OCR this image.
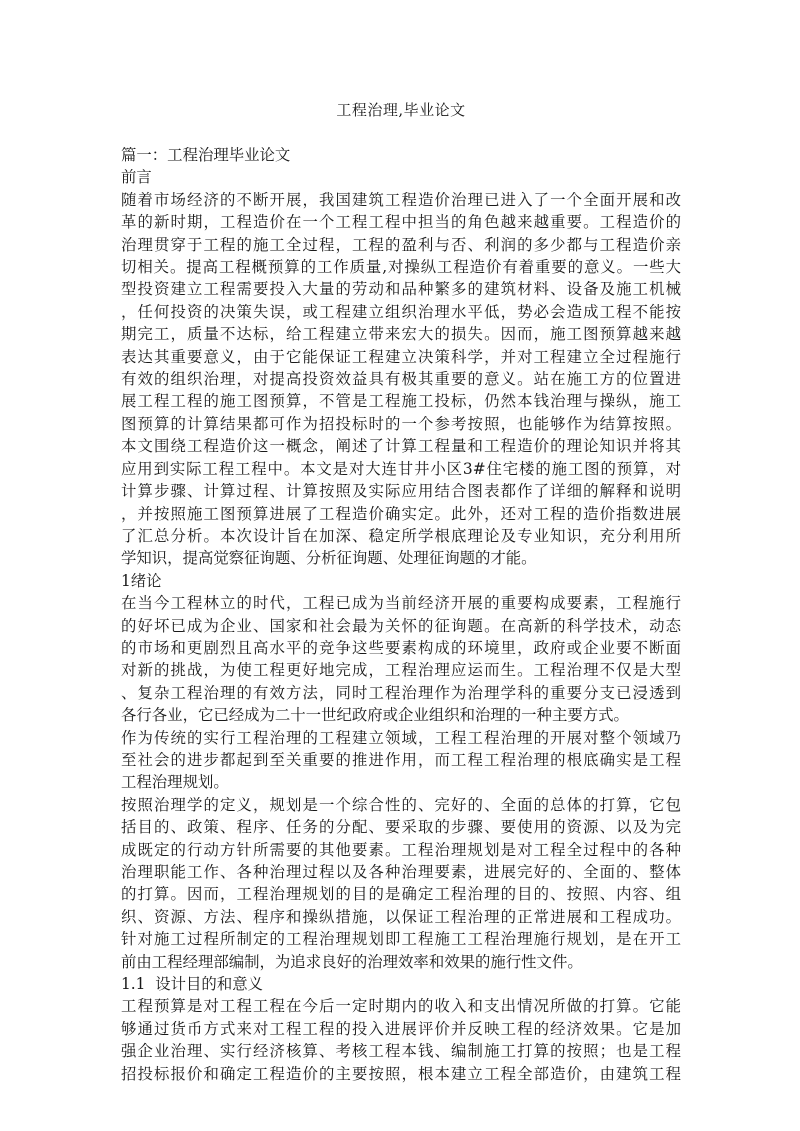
工程治理,毕业论文
篇一：工程治理毕业论文
前言
随着市场经济的不断开展，我国建筑工程造价治理已进入了一个全面开展和改
革的新时期，工程造价在一个工程工程中担当的角色越来越重要。工程造价的
治理贯穿于工程的施工全过程，工程的盈利与否、利润的多少都与工程造价亲
切相关。提高工程概预算的工作质量,对操纵工程造价有着重要的意义。一些大
型投资建立工程需要投入大量的劳动和品种繁多的建筑材料、设备及施工机械
，任何投资的决策失误，或工程建立组织治理水平低，势必会造成工程不能按
期完工，质量不达标，给工程建立带来宏大的损失。因而，施工图预算越来越
表达其重要意义，由于它能保证工程建立决策科学，并对工程建立全过程施行
有效的组织治理，对提高投资效益具有极其重要的意义。站在施工方的位置进
展工程工程的施工图预算，不管是工程施工投标，仍然本钱治理与操纵，施工
图预算的计算结果都可作为招投标时的一个参考按照，也能够作为结算按照。
本文围绕工程造价这一概念，阐述了计算工程量和工程造价的理论知识并将其
应用到实际工程工程中。本文是对大连甘井小区3#住宅楼的施工图的预算，对
计算步骤、计算过程、计算按照及实际应用结合图表都作了详细的解释和说明
，并按照施工图预算进展了工程造价确实定。此外，还对工程的造价指数进展
了汇总分析。本次设计旨在加深、稳定所学根底理论及专业知识，充分利用所
学知识，提高觉察征询题、分析征询题、处理征询题的才能。
1绪论
在当今工程林立的时代，工程已成为当前经济开展的重要构成要素，工程施行
的好坏已成为企业、国家和社会最为关怀的征询题。在高新的科学技术，动态
的市场和更剧烈且高水平的竞争这些要素构成的环境里，政府或企业要不断面
对新的挑战，为使工程更好地完成，工程治理应运而生。工程治理不仅是大型
、复杂工程治理的有效方法，同时工程治理作为治理学科的重要分支已浸透到
各行各业，它已经成为二十一世纪政府或企业组织和治理的一种主要方式。
作为传统的实行工程治理的工程建立领域，工程工程治理的开展对整个领域乃
至社会的进步都起到至关重要的推进作用，而工程工程治理的根底确实是工程
工程治理规划。
按照治理学的定义，规划是一个综合性的、完好的、全面的总体的打算，它包
括目的、政策、程序、任务的分配、要采取的步骤、要使用的资源、以及为完
成既定的行动方针所需要的其他要素。工程治理规划是对工程全过程中的各种
治理职能工作、各种治理过程以及各种治理要素，进展完好的、全面的、整体
的打算。因而，工程治理规划的目的是确定工程治理的目的、按照、内容、组
织、资源、方法、程序和操纵措施，以保证工程治理的正常进展和工程成功。
针对施工过程所制定的工程治理规划即工程施工工程治理施行规划，是在开工
前由工程经理部编制，为追求良好的治理效率和效果的施行性文件。
1.1  设计目的和意义
工程预算是对工程工程在今后一定时期内的收入和支出情况所做的打算。它能
够通过货币方式来对工程工程的投入进展评价并反映工程的经济效果。它是加
强企业治理、实行经济核算、考核工程本钱、编制施工打算的按照；也是工程
招投标报价和确定工程造价的主要按照，根本建立工程全部造价，由建筑工程
